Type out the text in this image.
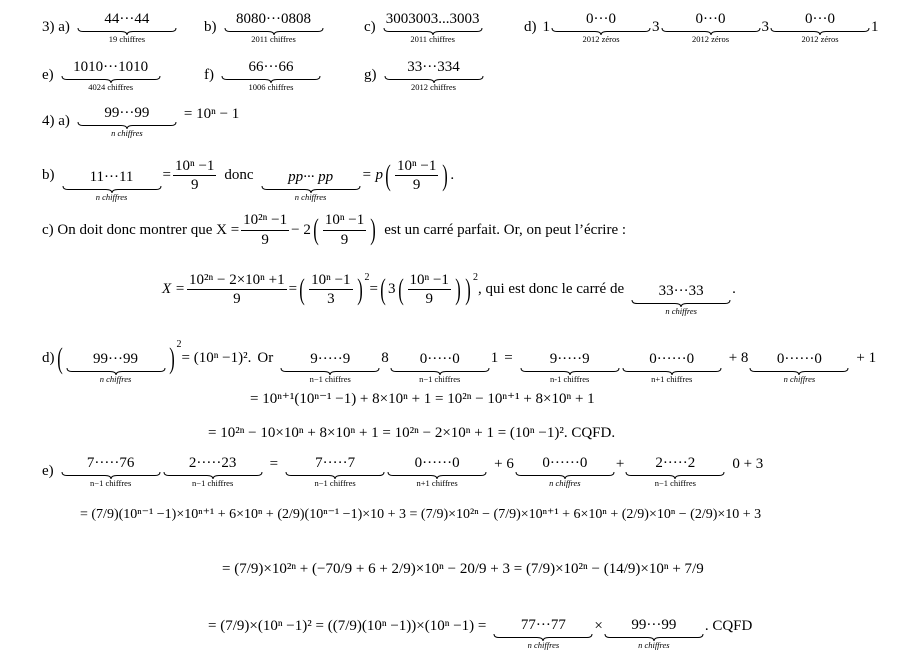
3) a)
44···44
19 chiffres
b)
8080···0808
2011 chiffres
c)
3003003...3003
2011 chiffres
d) 1
0···0
2012 zéros
3
0···0
2012 zéros
3
0···0
2012 zéros
1
e)
1010···1010
4024 chiffres
f)
66···66
1006 chiffres
g)
33···334
2012 chiffres
4) a)
99···99
n chiffres
= 10ⁿ − 1
b) 11···11
n chiffres
= $\frac{\text{10ⁿ −1}}{9}$ donc pp··· pp
n chiffres
= p ( $\frac{\text{10ⁿ −1}}{9}$ ) .
c) On doit donc montrer que $X = \frac{\text{10²ⁿ −1}}{9} - 2$ ( $\frac{\text{10ⁿ −1}}{9}$ ) est un carré parfait. Or, on peut l’écrire :
$X = \frac{\text{10²ⁿ − 2×10ⁿ +1}}{9}$ = ( $\frac{\text{10ⁿ −1}}{3} )^2$
= ( 3 ( $\frac{\text{10ⁿ −1}}{9}$ ) )$^2$
, qui est donc le carré de 33···33
n chiffres
.
d) ( 99···99
n chiffres
)$^2$
= (10ⁿ −1)². Or 9·····9
n−1 chiffres
8 0·····0
n−1 chiffres
1 = 9·····9
n-1 chiffres
0······0
n+1 chiffres
+ 8 0······0
n chiffres
+ 1
= 10ⁿ⁺¹(10ⁿ⁻¹ −1) + 8×10ⁿ + 1 = 10²ⁿ − 10ⁿ⁺¹ + 8×10ⁿ + 1
= 10²ⁿ − 10×10ⁿ + 8×10ⁿ + 1 = 10²ⁿ − 2×10ⁿ + 1 = (10ⁿ −1)². CQFD.
e)
7·····76
n−1 chiffres
2·····23
n−1 chiffres
= 7·····7
n−1 chiffres
0······0
n+1 chiffres
+ 6 0······0
n chiffres
+ 2·····2
n−1 chiffres
0 + 3
= (7/9)(10ⁿ⁻¹ −1)×10ⁿ⁺¹ + 6×10ⁿ + (2/9)(10ⁿ⁻¹ −1)×10 + 3 = (7/9)×10²ⁿ − (7/9)×10ⁿ⁺¹ + 6×10ⁿ + (2/9)×10ⁿ − (2/9)×10 + 3
= (7/9)×10²ⁿ + (−70/9 + 6 + 2/9)×10ⁿ − 20/9 + 3 = (7/9)×10²ⁿ − (14/9)×10ⁿ + 7/9
= (7/9)×(10ⁿ −1)² = ((7/9)(10ⁿ −1))×(10ⁿ −1) = 77···77
n chiffres
× 99···99
n chiffres
. CQFD
